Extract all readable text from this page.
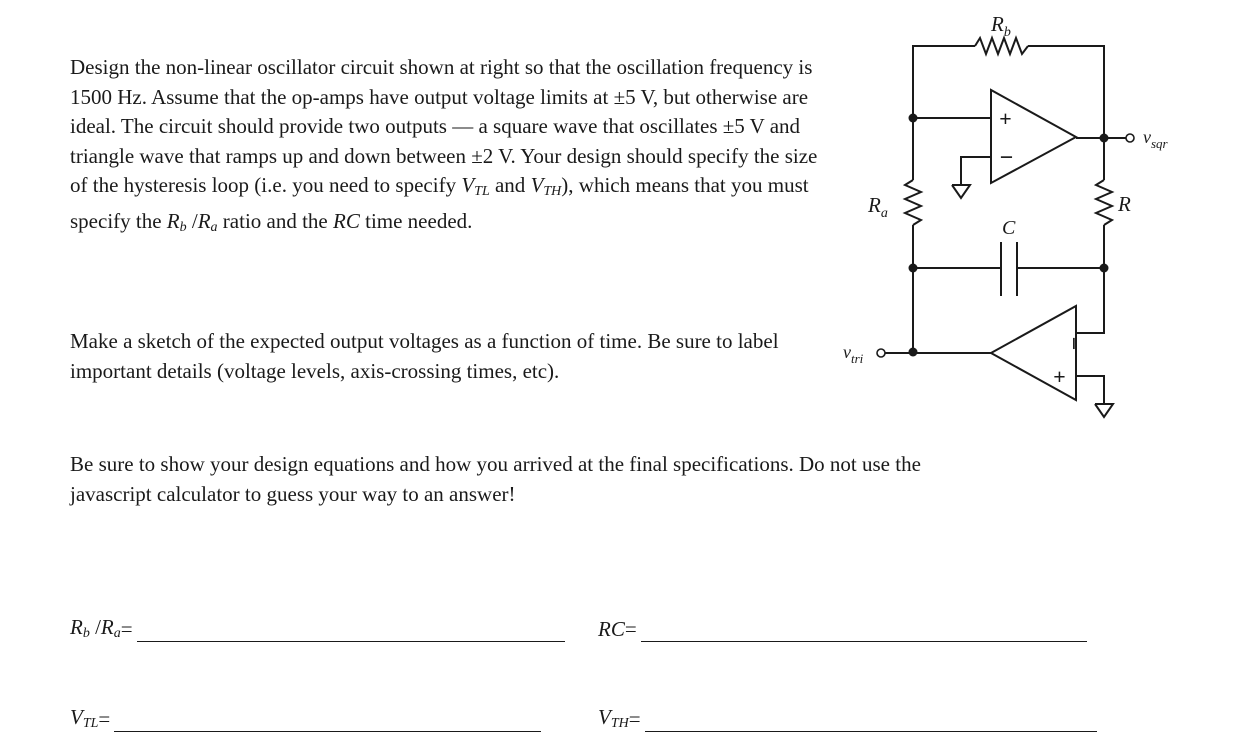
Design the non-linear oscillator circuit shown at right so that the oscillation frequency is 1500 Hz. Assume that the op-amps have output voltage limits at ±5 V, but otherwise are ideal. The circuit should provide two outputs — a square wave that oscillates ±5 V and triangle wave that ramps up and down between ±2 V. Your design should specify the size of the hysteresis loop (i.e. you need to specify $V_{TL}$ and $V_{TH}$), which means that you must specify the $R_b$ $/R_a$ ratio and the RC time needed.

Make a sketch of the expected output voltages as a function of time. Be sure to label important details (voltage levels, axis-crossing times, etc).

Be sure to show your design equations and how you arrived at the final specifications. Do not use the javascript calculator to guess your way to an answer!

$R_b$ $/R_a$ =	RC =
$V_{TL}$ =	$V_{TH}$ =
$R_b$
$R_a$	R
C
+
−
−
+
$v_{sqr}$
$v_{tri}$
